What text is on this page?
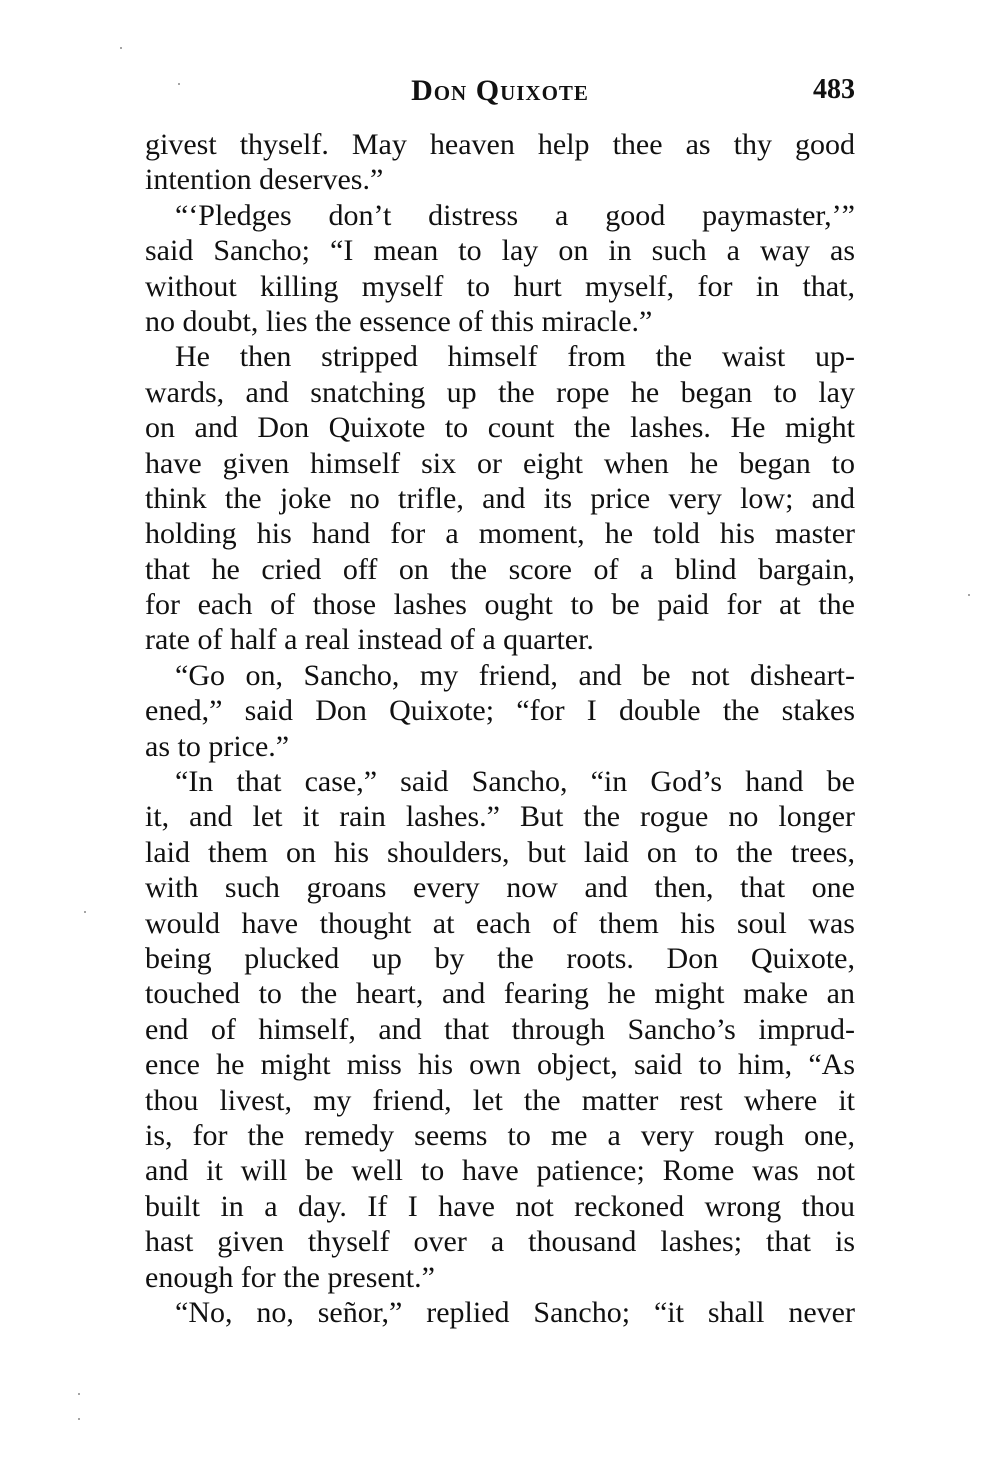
Don Quixote	483
givest thyself. May heaven help thee as thy good
intention deserves.”
“‘Pledges don’t distress a good paymaster,’”
said Sancho; “I mean to lay on in such a way as
without killing myself to hurt myself, for in that,
no doubt, lies the essence of this miracle.”
He then stripped himself from the waist up-
wards, and snatching up the rope he began to lay
on and Don Quixote to count the lashes. He might
have given himself six or eight when he began to
think the joke no trifle, and its price very low; and
holding his hand for a moment, he told his master
that he cried off on the score of a blind bargain,
for each of those lashes ought to be paid for at the
rate of half a real instead of a quarter.
“Go on, Sancho, my friend, and be not disheart-
ened,” said Don Quixote; “for I double the stakes
as to price.”
“In that case,” said Sancho, “in God’s hand be
it, and let it rain lashes.” But the rogue no longer
laid them on his shoulders, but laid on to the trees,
with such groans every now and then, that one
would have thought at each of them his soul was
being plucked up by the roots. Don Quixote,
touched to the heart, and fearing he might make an
end of himself, and that through Sancho’s imprud-
ence he might miss his own object, said to him, “As
thou livest, my friend, let the matter rest where it
is, for the remedy seems to me a very rough one,
and it will be well to have patience; Rome was not
built in a day. If I have not reckoned wrong thou
hast given thyself over a thousand lashes; that is
enough for the present.”
“No, no, señor,” replied Sancho; “it shall never
